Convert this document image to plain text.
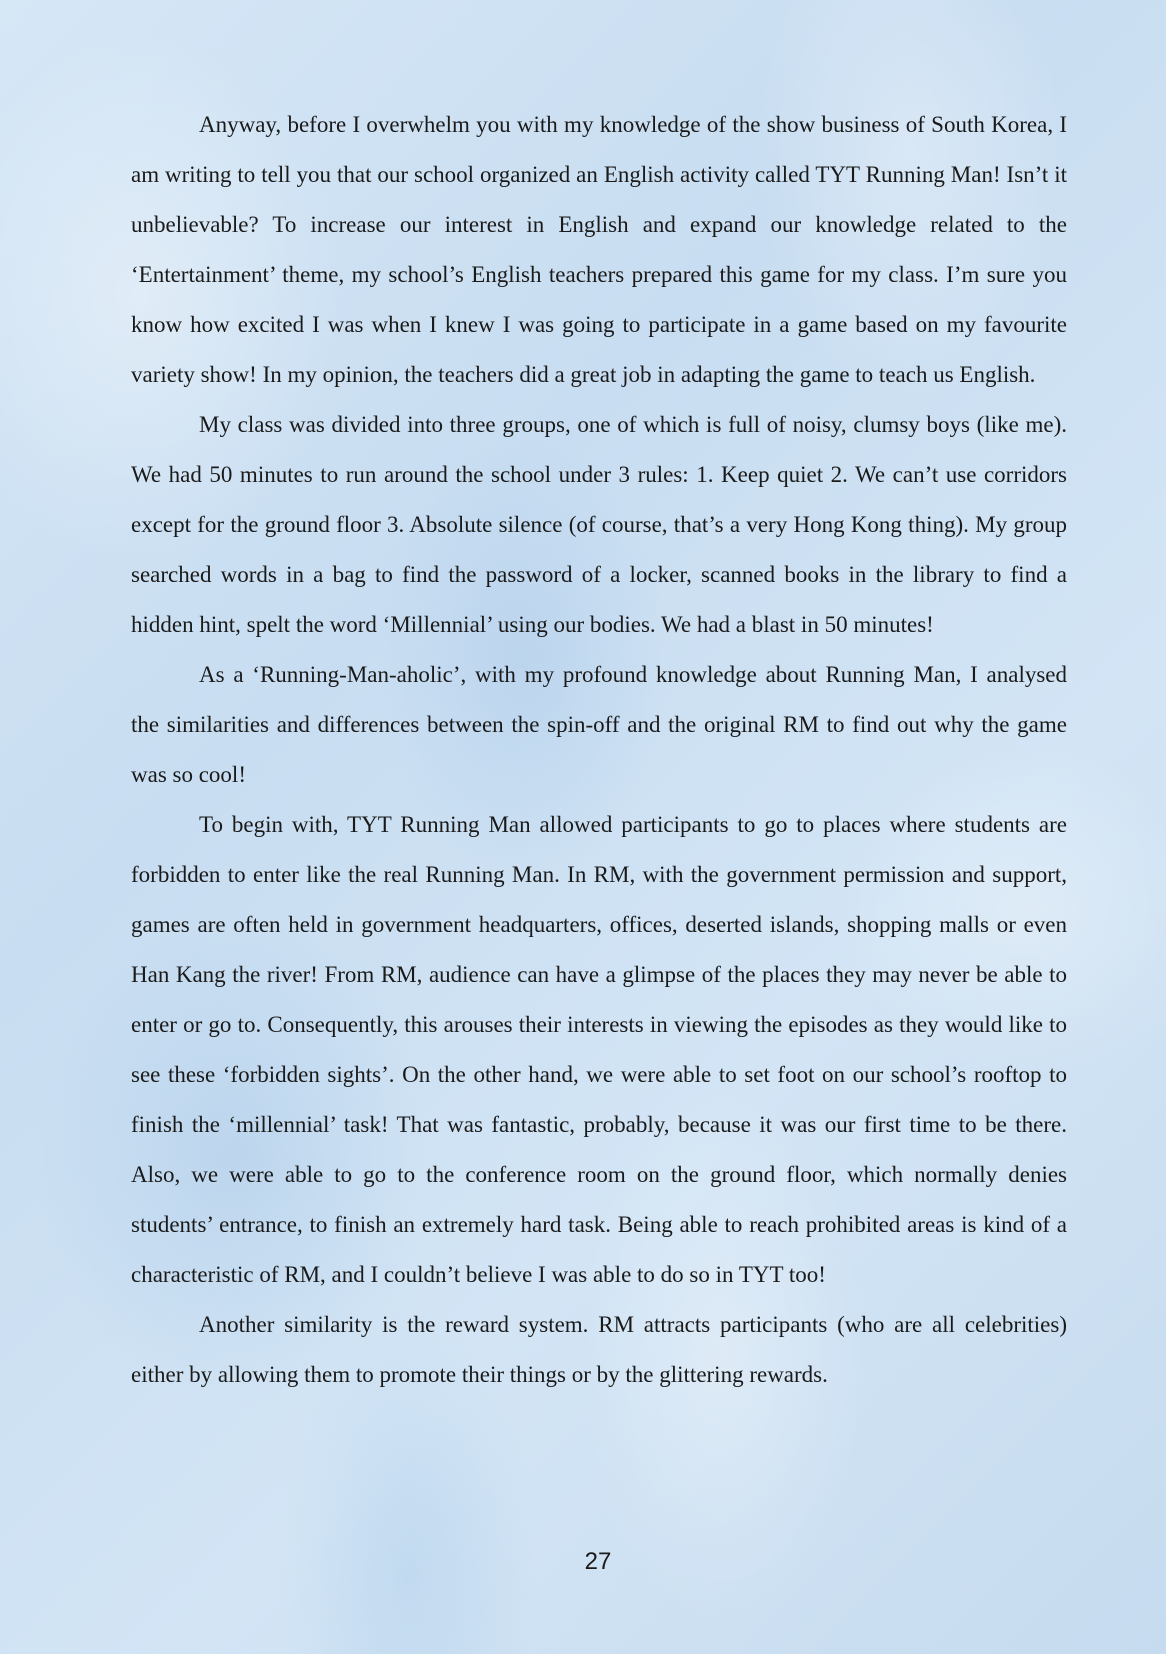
Anyway, before I overwhelm you with my knowledge of the show business of South Korea, I am writing to tell you that our school organized an English activity called TYT Running Man! Isn’t it unbelievable? To increase our interest in English and expand our knowledge related to the ‘Entertainment’ theme, my school’s English teachers prepared this game for my class. I’m sure you know how excited I was when I knew I was going to participate in a game based on my favourite variety show! In my opinion, the teachers did a great job in adapting the game to teach us English.

My class was divided into three groups, one of which is full of noisy, clumsy boys (like me). We had 50 minutes to run around the school under 3 rules: 1. Keep quiet 2. We can’t use corridors except for the ground floor 3. Absolute silence (of course, that’s a very Hong Kong thing). My group searched words in a bag to find the password of a locker, scanned books in the library to find a hidden hint, spelt the word ‘Millennial’ using our bodies. We had a blast in 50 minutes!

As a ‘Running-Man-aholic’, with my profound knowledge about Running Man, I analysed the similarities and differences between the spin-off and the original RM to find out why the game was so cool!

To begin with, TYT Running Man allowed participants to go to places where students are forbidden to enter like the real Running Man. In RM, with the government permission and support, games are often held in government headquarters, offices, deserted islands, shopping malls or even Han Kang the river! From RM, audience can have a glimpse of the places they may never be able to enter or go to. Consequently, this arouses their interests in viewing the episodes as they would like to see these ‘forbidden sights’. On the other hand, we were able to set foot on our school’s rooftop to finish the ‘millennial’ task! That was fantastic, probably, because it was our first time to be there. Also, we were able to go to the conference room on the ground floor, which normally denies students’ entrance, to finish an extremely hard task. Being able to reach prohibited areas is kind of a characteristic of RM, and I couldn’t believe I was able to do so in TYT too!

Another similarity is the reward system. RM attracts participants (who are all celebrities) either by allowing them to promote their things or by the glittering rewards.

27
